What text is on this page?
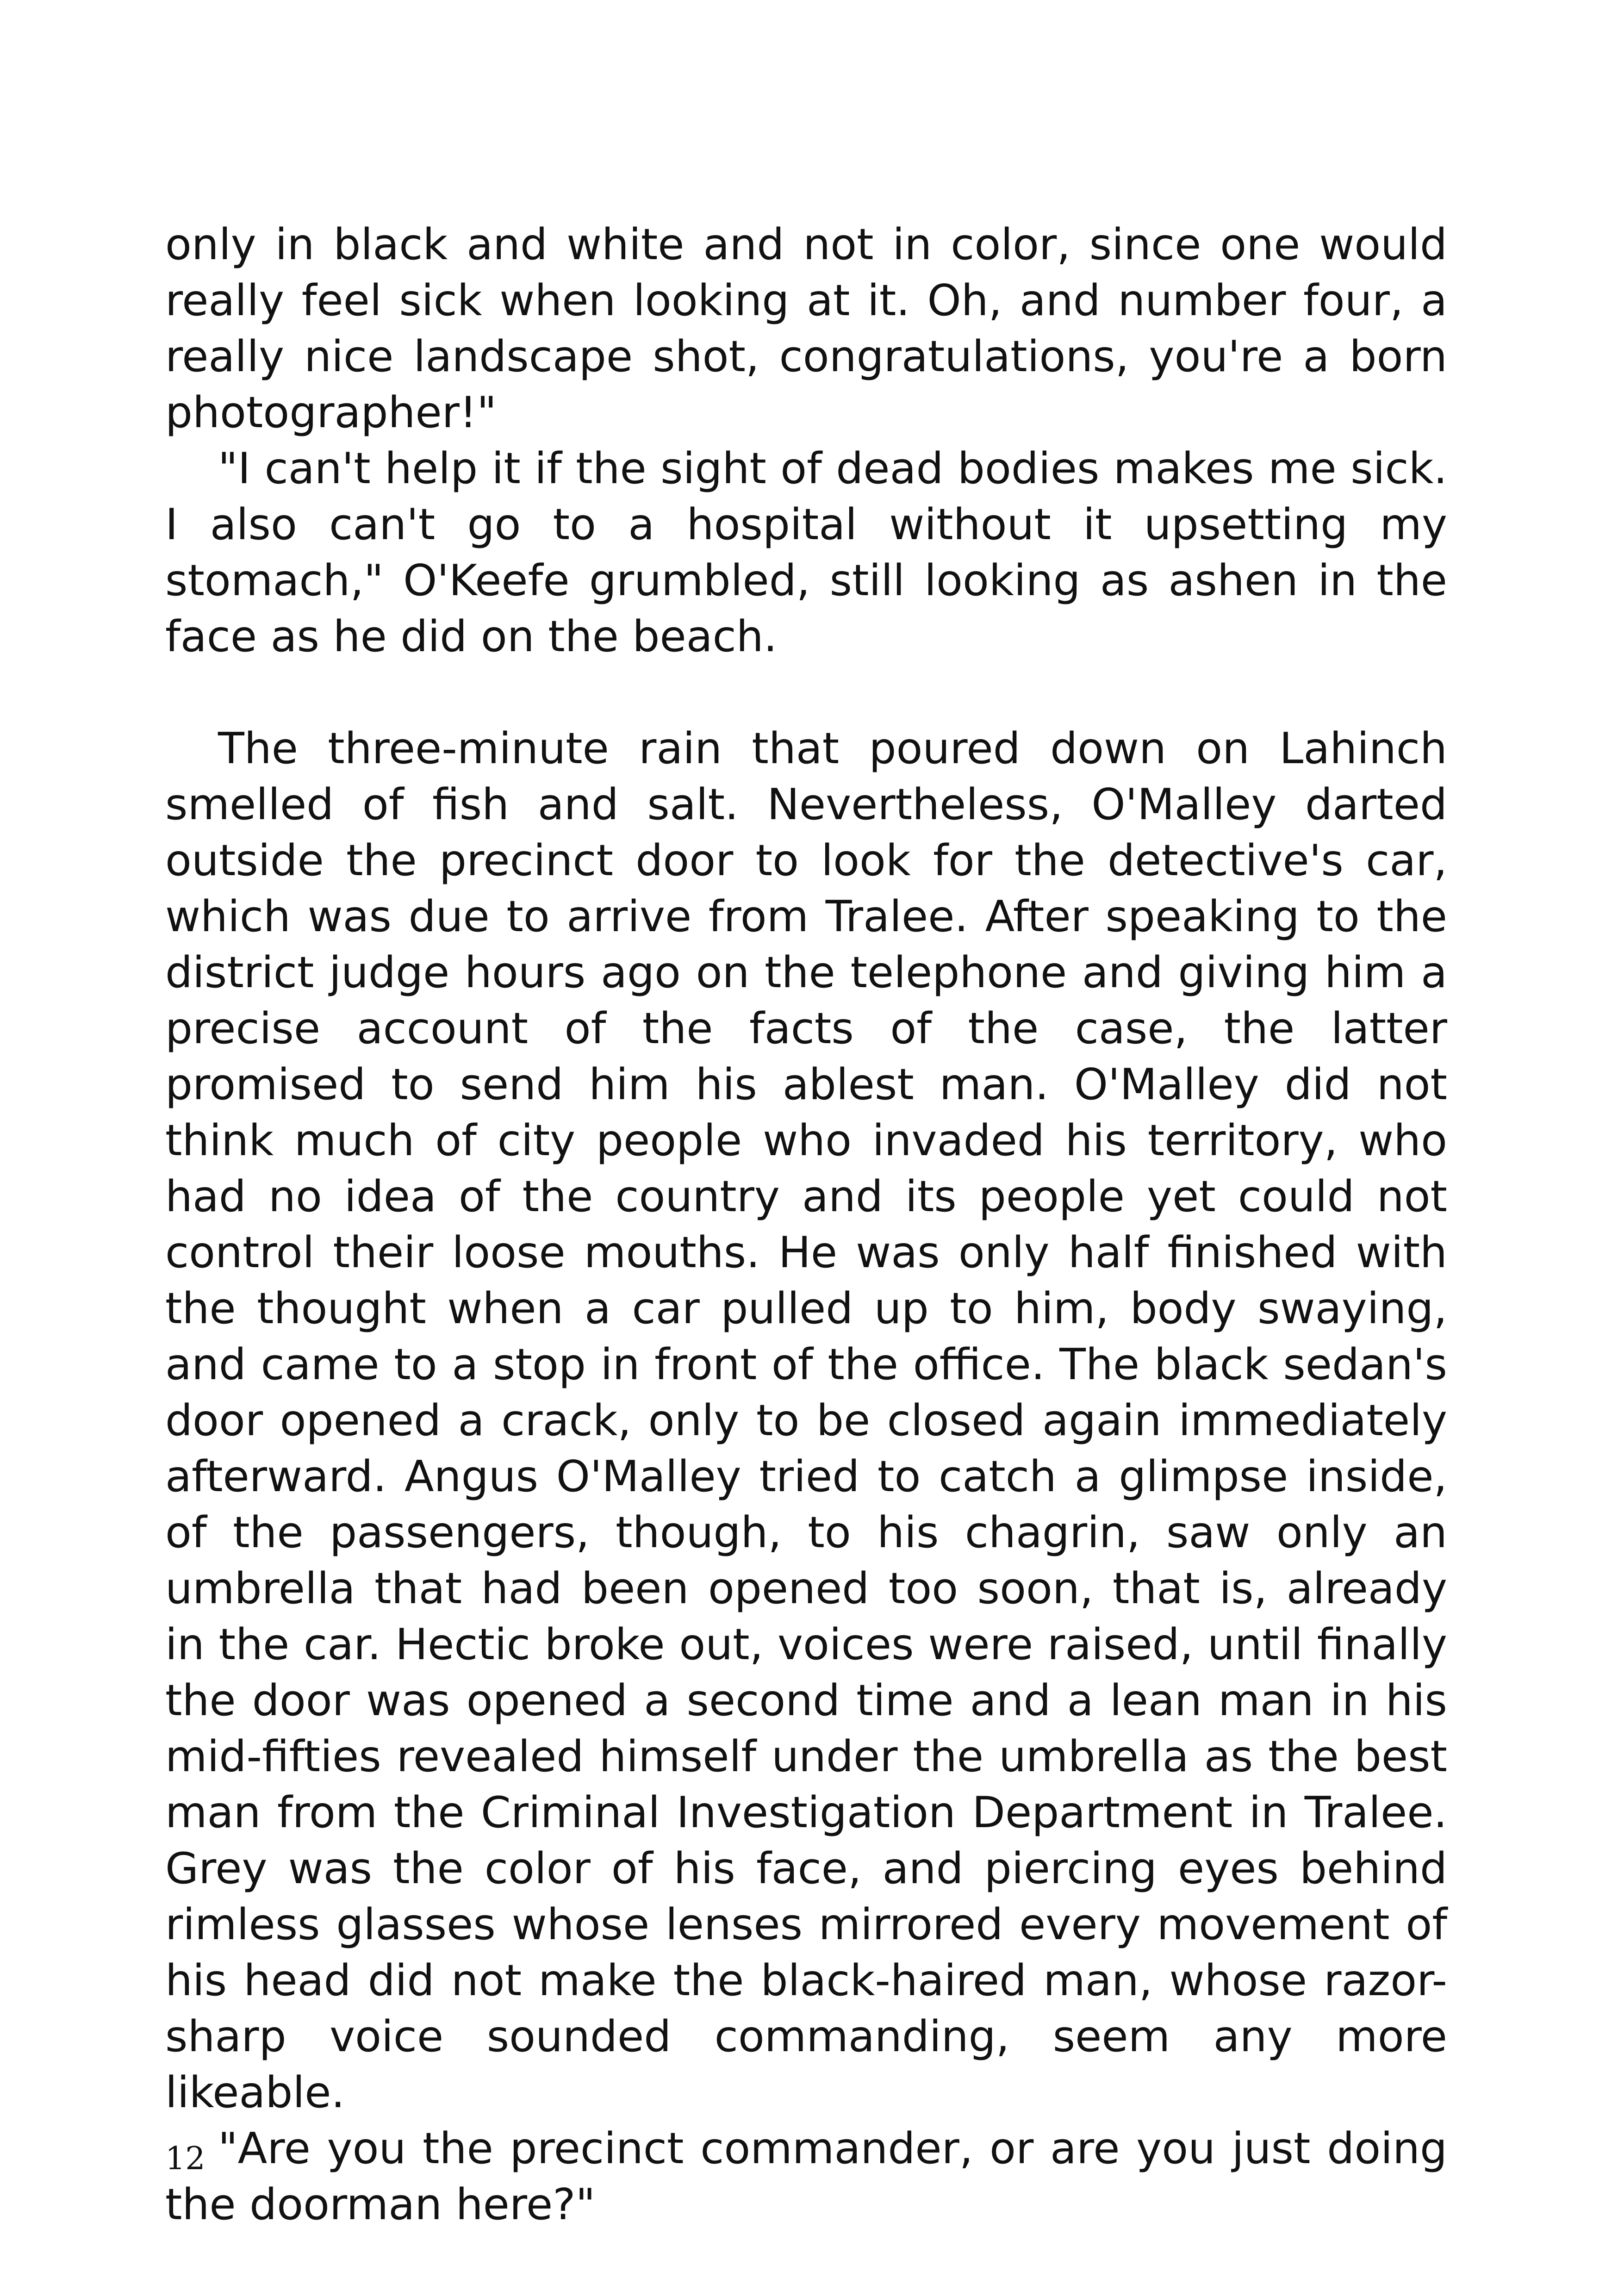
only in black and white and not in color, since one would really feel sick when looking at it. Oh, and number four, a really nice landscape shot, congratulations, you're a born photographer!"

"I can't help it if the sight of dead bodies makes me sick. I also can't go to a hospital without it upsetting my stomach," O'Keefe grumbled, still looking as ashen in the face as he did on the beach.

The three-minute rain that poured down on Lahinch smelled of fish and salt. Nevertheless, O'Malley darted outside the precinct door to look for the detective's car, which was due to arrive from Tralee. After speaking to the district judge hours ago on the telephone and giving him a precise account of the facts of the case, the latter promised to send him his ablest man. O'Malley did not think much of city people who invaded his territory, who had no idea of the country and its people yet could not control their loose mouths. He was only half finished with the thought when a car pulled up to him, body swaying, and came to a stop in front of the office. The black sedan's door opened a crack, only to be closed again immediately afterward. Angus O'Malley tried to catch a glimpse inside, of the passengers, though, to his chagrin, saw only an umbrella that had been opened too soon, that is, already in the car. Hectic broke out, voices were raised, until finally the door was opened a second time and a lean man in his mid-fifties revealed himself under the umbrella as the best man from the Criminal Investigation Department in Tralee. Grey was the color of his face, and piercing eyes behind rimless glasses whose lenses mirrored every movement of his head did not make the black-haired man, whose razor-sharp voice sounded commanding, seem any more likeable.

"Are you the precinct commander, or are you just doing the doorman here?"

12
